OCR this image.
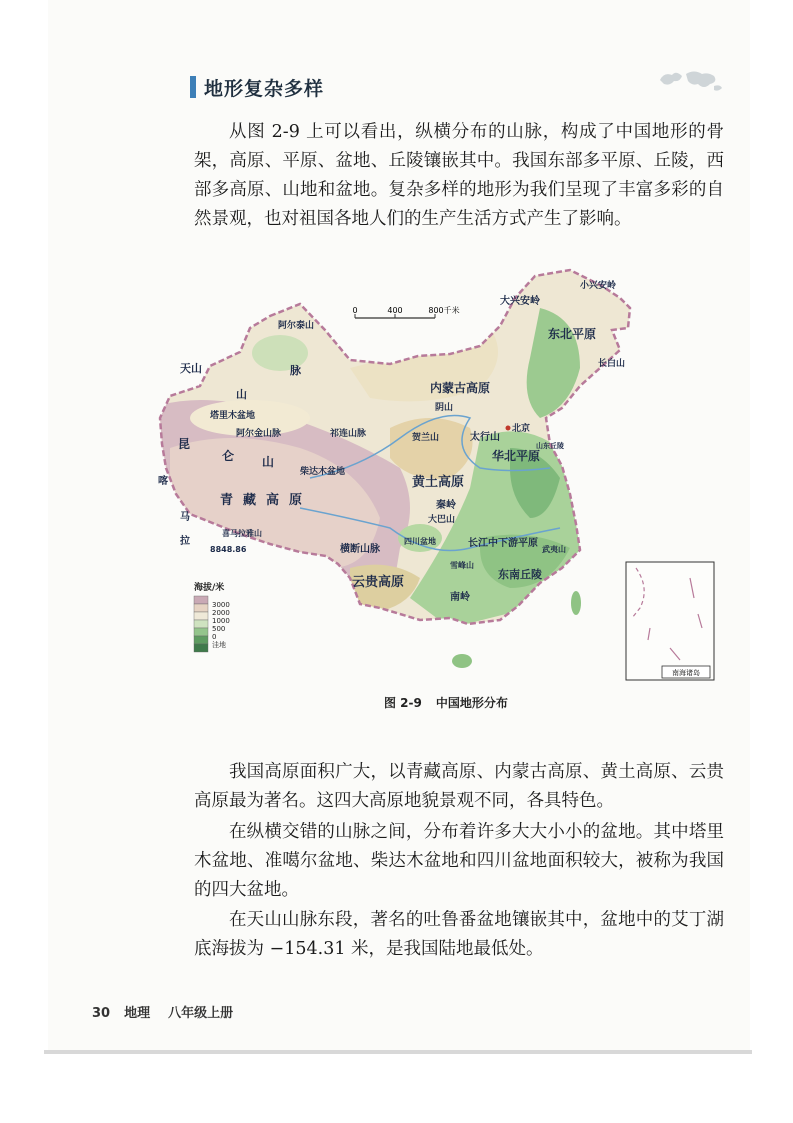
地形复杂多样

从图 2-9 上可以看出，纵横分布的山脉，构成了中国地形的骨架，高原、平原、盆地、丘陵镶嵌其中。我国东部多平原、丘陵，西部多高原、山地和盆地。复杂多样的地形为我们呈现了丰富多彩的自然景观，也对祖国各地人们的生产生活方式产生了影响。

0	400	800千米
天山
山
脉
阿尔泰山
塔里木盆地
昆
仑 山
阿尔金山脉	祁连山脉
柴达木盆地
青藏高原
喀
马
喜马拉雅山
拉
8848.86
内蒙古高原
阴山
贺兰山
黄土高原
秦岭
大巴山
四川盆地
横断山脉
云贵高原
东北平原
大兴安岭
小兴安岭
长白山
太行山
华北平原
北京
山东丘陵
长江中下游平原
东南丘陵
南岭
雪峰山
武夷山
海拔/米
3000
2000
1000
500
0
洼地
南海诸岛
图 2-9 中国地形分布

我国高原面积广大，以青藏高原、内蒙古高原、黄土高原、云贵高原最为著名。这四大高原地貌景观不同，各具特色。

在纵横交错的山脉之间，分布着许多大大小小的盆地。其中塔里木盆地、准噶尔盆地、柴达木盆地和四川盆地面积较大，被称为我国的四大盆地。

在天山山脉东段，著名的吐鲁番盆地镶嵌其中，盆地中的艾丁湖底海拔为 −154.31 米，是我国陆地最低处。

30 地理 八年级上册
